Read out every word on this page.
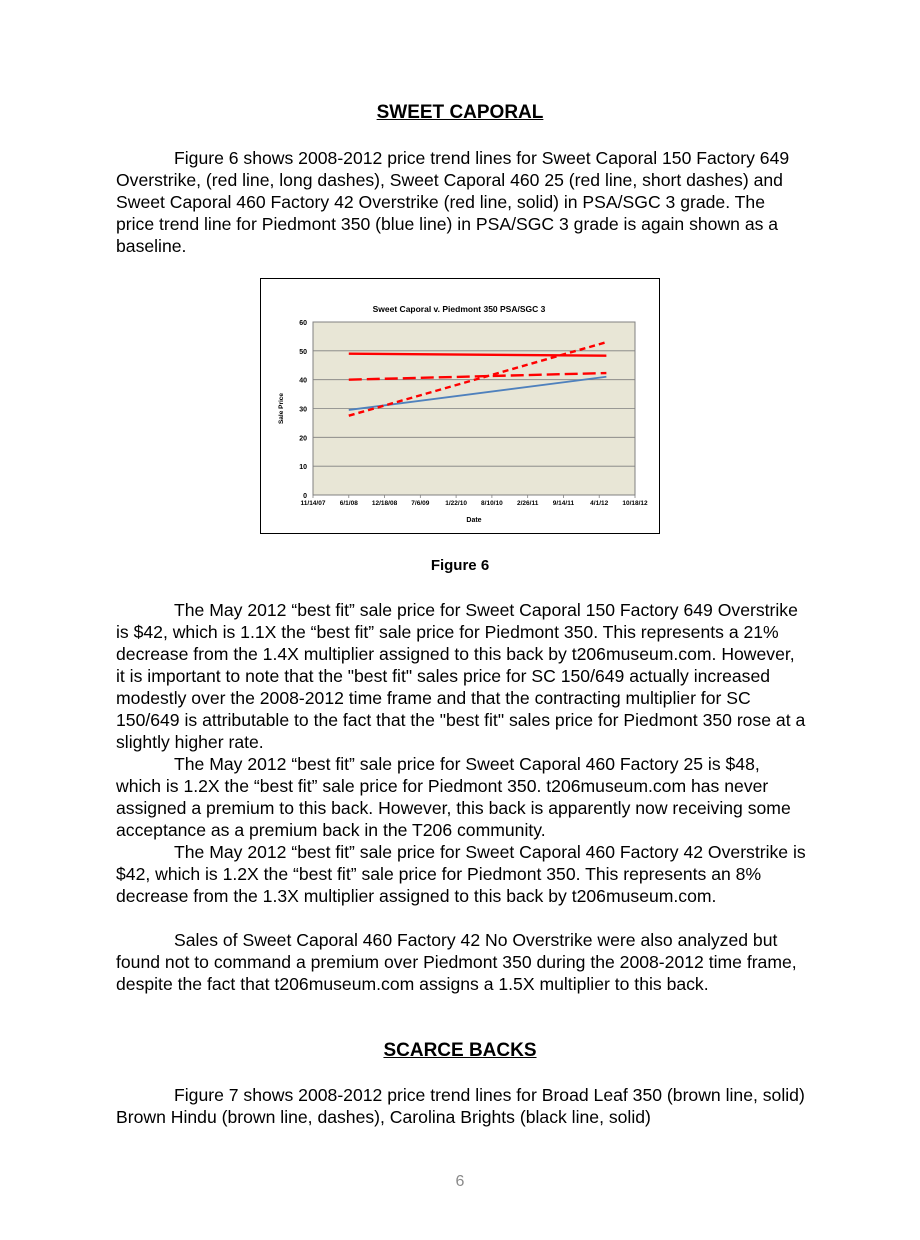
SWEET CAPORAL

Figure 6 shows 2008-2012 price trend lines for Sweet Caporal 150 Factory 649 Overstrike, (red line, long dashes), Sweet Caporal 460 25 (red line, short dashes) and Sweet Caporal 460 Factory 42 Overstrike (red line, solid) in PSA/SGC 3 grade. The price trend line for Piedmont 350 (blue line) in PSA/SGC 3 grade is again shown as a baseline.

0
10
20
30
40
50
60
11/14/07 6/1/08 12/18/08 7/6/09 1/22/10 8/10/10 2/26/11 9/14/11 4/1/12 10/18/12
Sweet Caporal v. Piedmont 350 PSA/SGC 3
Date
Sale Price
Figure 6

The May 2012 “best fit” sale price for Sweet Caporal 150 Factory 649 Overstrike is $42, which is 1.1X the “best fit” sale price for Piedmont 350. This represents a 21% decrease from the 1.4X multiplier assigned to this back by t206museum.com. However, it is important to note that the "best fit" sales price for SC 150/649 actually increased modestly over the 2008-2012 time frame and that the contracting multiplier for SC 150/649 is attributable to the fact that the "best fit" sales price for Piedmont 350 rose at a slightly higher rate.

The May 2012 “best fit” sale price for Sweet Caporal 460 Factory 25 is $48, which is 1.2X the “best fit” sale price for Piedmont 350. t206museum.com has never assigned a premium to this back. However, this back is apparently now receiving some acceptance as a premium back in the T206 community.

The May 2012 “best fit” sale price for Sweet Caporal 460 Factory 42 Overstrike is $42, which is 1.2X the “best fit” sale price for Piedmont 350. This represents an 8% decrease from the 1.3X multiplier assigned to this back by t206museum.com.

Sales of Sweet Caporal 460 Factory 42 No Overstrike were also analyzed but found not to command a premium over Piedmont 350 during the 2008-2012 time frame, despite the fact that t206museum.com assigns a 1.5X multiplier to this back.

SCARCE BACKS

Figure 7 shows 2008-2012 price trend lines for Broad Leaf 350 (brown line, solid) Brown Hindu (brown line, dashes), Carolina Brights (black line, solid)

6
